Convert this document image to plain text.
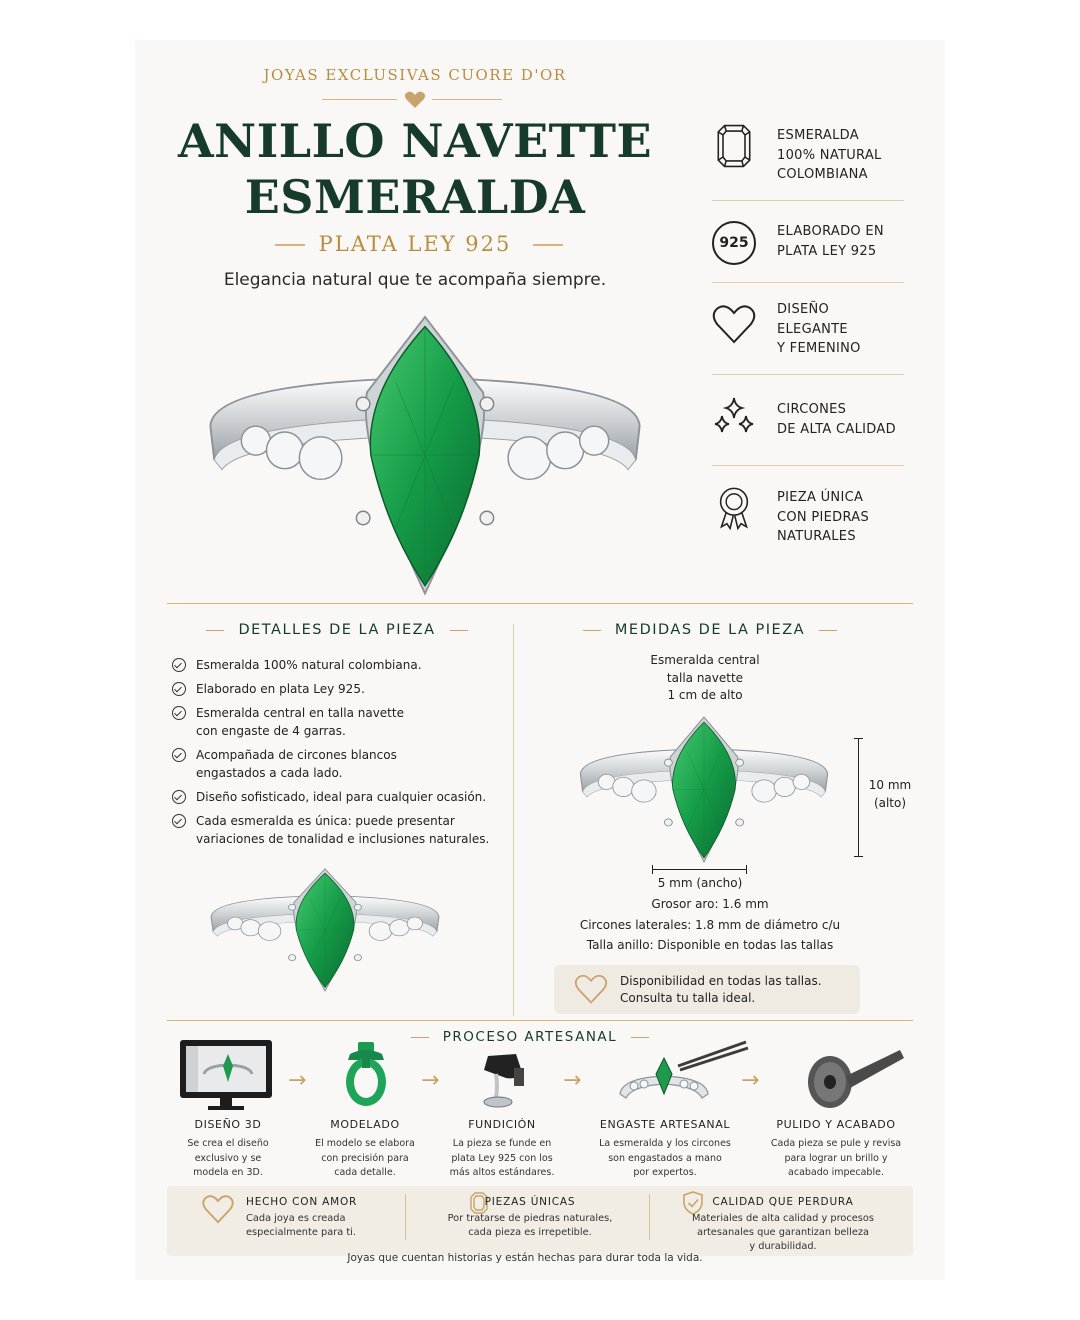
JOYAS EXCLUSIVAS CUORE D'OR
ANILLO NAVETTE
ESMERALDA
PLATA LEY 925
Elegancia natural que te acompaña siempre.
ESMERALDA
100% NATURAL
COLOMBIANA
925
ELABORADO EN
PLATA LEY 925
DISEÑO
ELEGANTE
Y FEMENINO
CIRCONES
DE ALTA CALIDAD
PIEZA ÚNICA
CON PIEDRAS
NATURALES
DETALLES DE LA PIEZA
Esmeralda 100% natural colombiana.
Elaborado en plata Ley 925.
Esmeralda central en talla navette
con engaste de 4 garras.
Acompañada de circones blancos
engastados a cada lado.
Diseño sofisticado, ideal para cualquier ocasión.
Cada esmeralda es única: puede presentar
variaciones de tonalidad e inclusiones naturales.
MEDIDAS DE LA PIEZA
Esmeralda central
talla navette
1 cm de alto
10 mm
(alto)
5 mm (ancho)
Grosor aro: 1.6 mm
Circones laterales: 1.8 mm de diámetro c/u
Talla anillo: Disponible en todas las tallas
Disponibilidad en todas las tallas.
Consulta tu talla ideal.
PROCESO ARTESANAL
→	→	→	→
DISEÑO 3D
Se crea el diseño
exclusivo y se
modela en 3D.
MODELADO
El modelo se elabora
con precisión para
cada detalle.
FUNDICIÓN
La pieza se funde en
plata Ley 925 con los
más altos estándares.
ENGASTE ARTESANAL
La esmeralda y los circones
son engastados a mano
por expertos.
PULIDO Y ACABADO
Cada pieza se pule y revisa
para lograr un brillo y
acabado impecable.
HECHO CON AMOR
Cada joya es creada
especialmente para ti.
PIEZAS ÚNICAS
Por tratarse de piedras naturales,
cada pieza es irrepetible.
CALIDAD QUE PERDURA
Materiales de alta calidad y procesos
artesanales que garantizan belleza
y durabilidad.
Joyas que cuentan historias y están hechas para durar toda la vida.
